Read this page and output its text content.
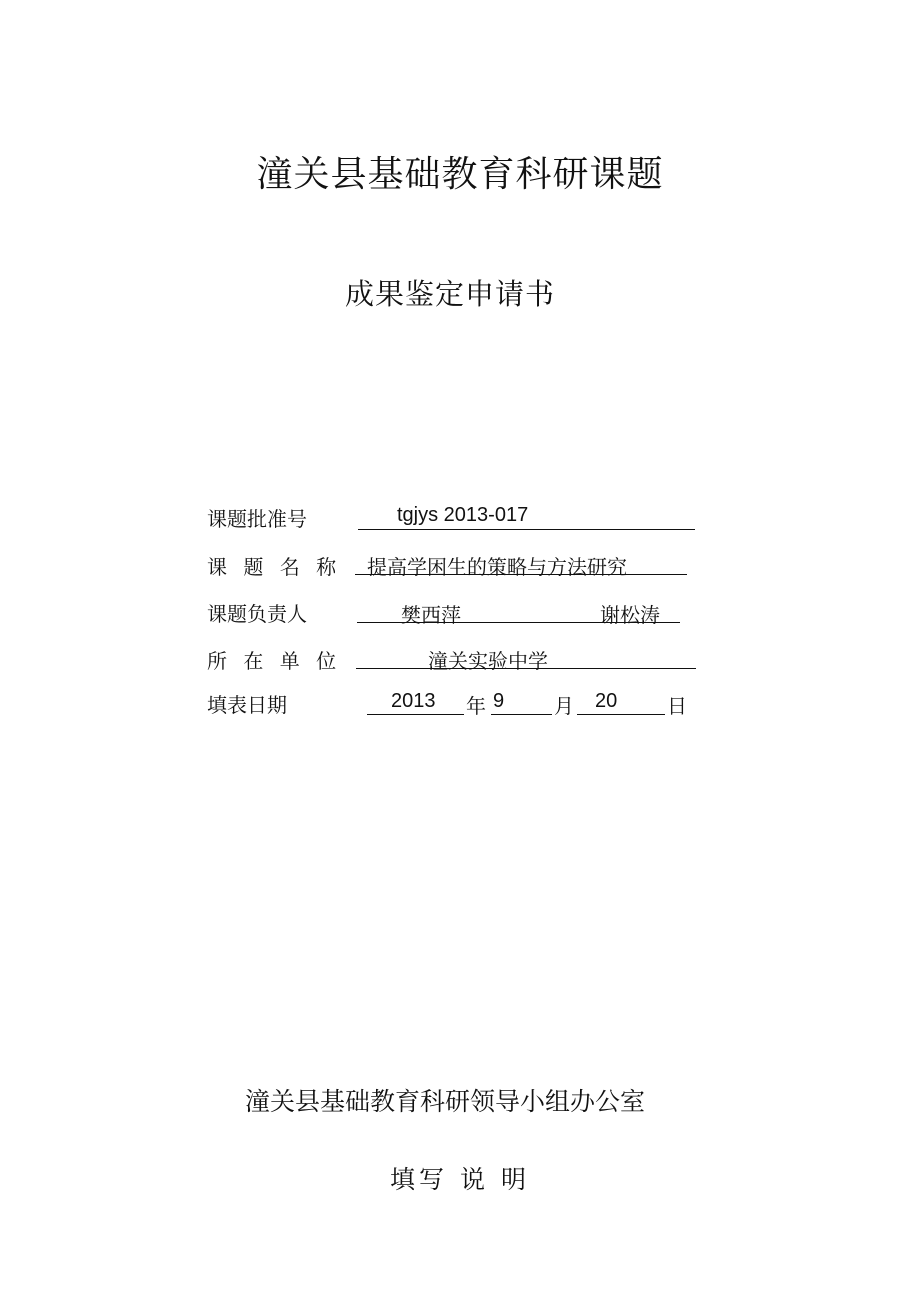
潼关县基础教育科研课题
成果鉴定申请书
课题批准号	tgjys 2013-017
课 题 名 称 提高学困生的策略与方法研究
课题负责人	樊西萍	谢松涛
所 在 单 位	潼关实验中学
填表日期	2013 年 9 月 20 日
潼关县基础教育科研领导小组办公室
填写 说 明
